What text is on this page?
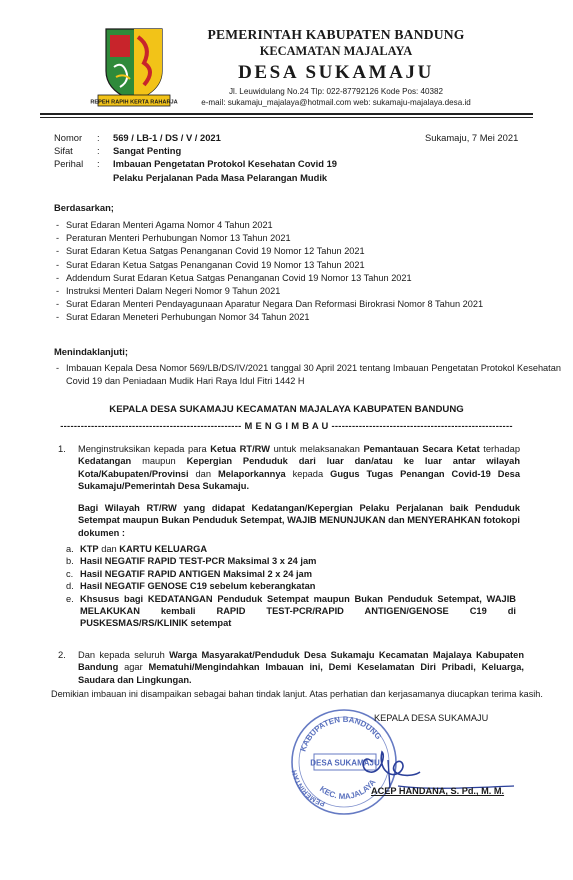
REPEH RAPIH KERTA RAHARJA
PEMERINTAH KABUPATEN BANDUNG
KECAMATAN MAJALAYA
DESA SUKAMAJU
Jl. Leuwidulang No.24 Tlp: 022-87792126 Kode Pos: 40382
e-mail: sukamaju_majalaya@hotmail.com web: sukamaju-majalaya.desa.id
Nomor : 569 / LB-1 / DS / V / 2021	Sukamaju, 7 Mei 2021
Sifat	: Sangat Penting
Perihal : Imbauan Pengetatan Protokol Kesehatan Covid 19
Pelaku Perjalanan Pada Masa Pelarangan Mudik
Berdasarkan;
- Surat Edaran Menteri Agama Nomor 4 Tahun 2021
- Peraturan Menteri Perhubungan Nomor 13 Tahun 2021
- Surat Edaran Ketua Satgas Penanganan Covid 19 Nomor 12 Tahun 2021
- Surat Edaran Ketua Satgas Penanganan Covid 19 Nomor 13 Tahun 2021
- Addendum Surat Edaran Ketua Satgas Penanganan Covid 19 Nomor 13 Tahun 2021
- Instruksi Menteri Dalam Negeri Nomor 9 Tahun 2021
- Surat Edaran Menteri Pendayagunaan Aparatur Negara Dan Reformasi Birokrasi Nomor 8 Tahun 2021
- Surat Edaran Meneteri Perhubungan Nomor 34 Tahun 2021
Menindaklanjuti;
- Imbauan Kepala Desa Nomor 569/LB/DS/IV/2021 tanggal 30 April 2021 tentang Imbauan Pengetatan Protokol Kesehatan
Covid 19 dan Peniadaan Mudik Hari Raya Idul Fitri 1442 H
KEPALA DESA SUKAMAJU KECAMATAN MAJALAYA KABUPATEN BANDUNG
----------------------------------------------------- M E N G I M B A U -----------------------------------------------------
1. Menginstruksikan kepada para Ketua RT/RW untuk melaksanakan Pemantauan Secara Ketat terhadap Kedatangan maupun Kepergian Penduduk dari luar dan/atau ke luar antar wilayah Kota/Kabupaten/Provinsi dan Melaporkannya kepada Gugus Tugas Penangan Covid-19 Desa Sukamaju/Pemerintah Desa Sukamaju.
Bagi Wilayah RT/RW yang didapat Kedatangan/Kepergian Pelaku Perjalanan baik Penduduk Setempat maupun Bukan Penduduk Setempat, WAJIB MENUNJUKAN dan MENYERAHKAN fotokopi dokumen :
a. KTP dan KARTU KELUARGA
b. Hasil NEGATIF RAPID TEST-PCR Maksimal 3 x 24 jam
c. Hasil NEGATIF RAPID ANTIGEN Maksimal 2 x 24 jam
d. Hasil NEGATIF GENOSE C19 sebelum keberangkatan
e. Khsusus bagi KEDATANGAN Penduduk Setempat maupun Bukan Penduduk Setempat, WAJIB MELAKUKAN kembali RAPID TEST-PCR/RAPID ANTIGEN/GENOSE C19 di PUSKESMAS/RS/KLINIK setempat
2. Dan kepada seluruh Warga Masyarakat/Penduduk Desa Sukamaju Kecamatan Majalaya Kabupaten Bandung agar Mematuhi/Mengindahkan Imbauan ini, Demi Keselamatan Diri Pribadi, Keluarga, Saudara dan Lingkungan.
Demikian imbauan ini disampaikan sebagai bahan tindak lanjut. Atas perhatian dan kerjasamanya diucapkan terima kasih.
KABUPATEN BANDUNG
PEMERINTAH
DESA SUKAMAJU
KEC. MAJALAYA
KEPALA DESA SUKAMAJU
ACEP HANDANA, S. Pd., M. M.
